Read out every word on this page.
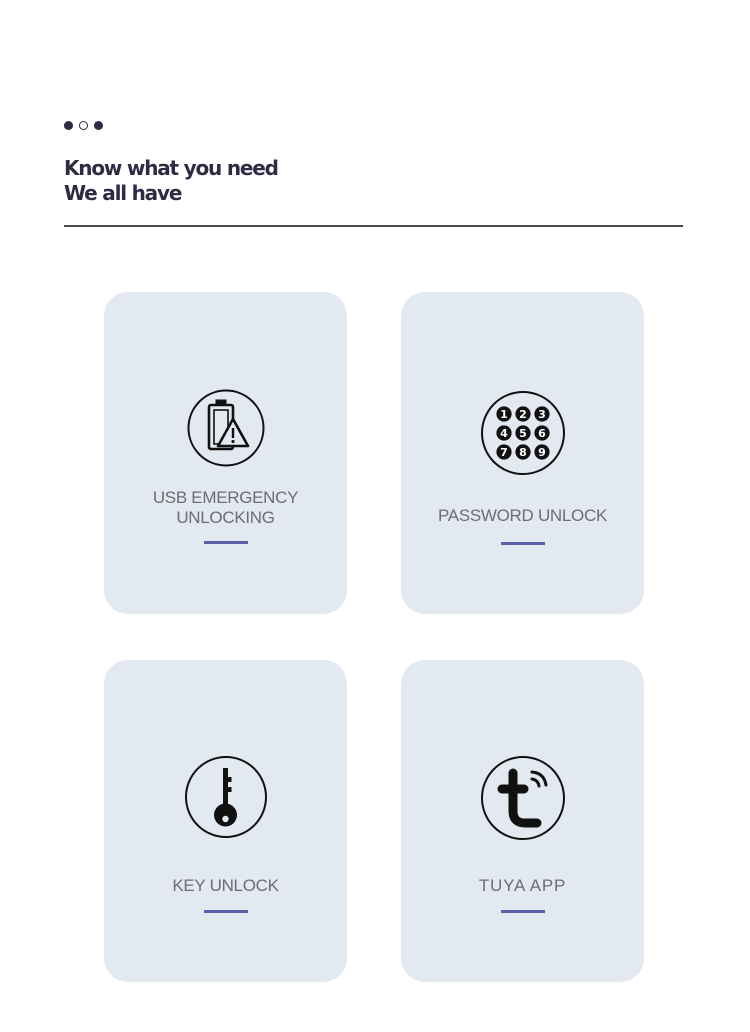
Know what you need
We all have
USB EMERGENCY
UNLOCKING
1 2 3
4 5 6
7 8 9
PASSWORD UNLOCK
KEY UNLOCK	TUYA APP
